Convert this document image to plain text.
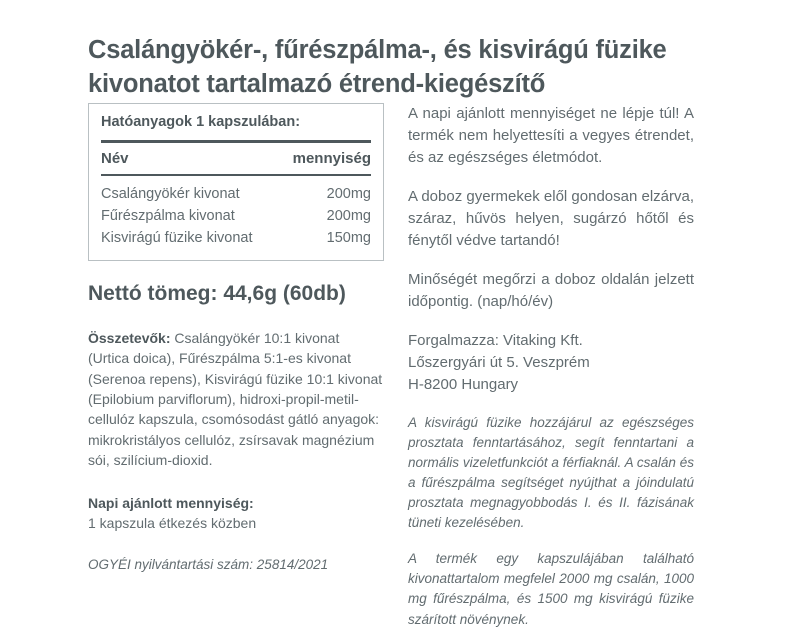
Csalángyökér-, fűrészpálma-, és kisvirágú füzike kivonatot tartalmazó étrend-kiegészítő
Hatóanyagok 1 kapszulában:
Név	mennyiség
Csalángyökér kivonat	200mg
Fűrészpálma kivonat	200mg
Kisvirágú füzike kivonat	150mg
Nettó tömeg: 44,6g (60db)
Összetevők: Csalángyökér 10:1 kivonat (Urtica doica), Fűrészpálma 5:1-es kivonat (Serenoa repens), Kisvirágú füzike 10:1 kivonat (Epilobium parviflorum), hidroxi-propil-metil-cellulóz kapszula, csomósodást gátló anyagok: mikrokristályos cellulóz, zsírsavak magnézium sói, szilícium-dioxid.
Napi ajánlott mennyiség:
1 kapszula étkezés közben
OGYÉI nyilvántartási szám: 25814/2021

A napi ajánlott mennyiséget ne lépje túl! A termék nem helyettesíti a vegyes étrendet, és az egészséges életmódot.

A doboz gyermekek elől gondosan elzárva, száraz, hűvös helyen, sugárzó hőtől és fénytől védve tartandó!

Minőségét megőrzi a doboz oldalán jelzett időpontig. (nap/hó/év)

Forgalmazza: Vitaking Kft.
Lőszergyári út 5. Veszprém
H-8200 Hungary

A kisvirágú füzike hozzájárul az egészséges prosztata fenntartásához, segít fenntartani a normális vizeletfunkciót a férfiaknál. A csalán és a fűrészpálma segítséget nyújthat a jóindulatú prosztata megnagyobbodás I. és II. fázisának tüneti kezelésében.

A termék egy kapszulájában található kivonattartalom megfelel 2000 mg csalán, 1000 mg fűrészpálma, és 1500 mg kisvirágú füzike szárított növénynek.
